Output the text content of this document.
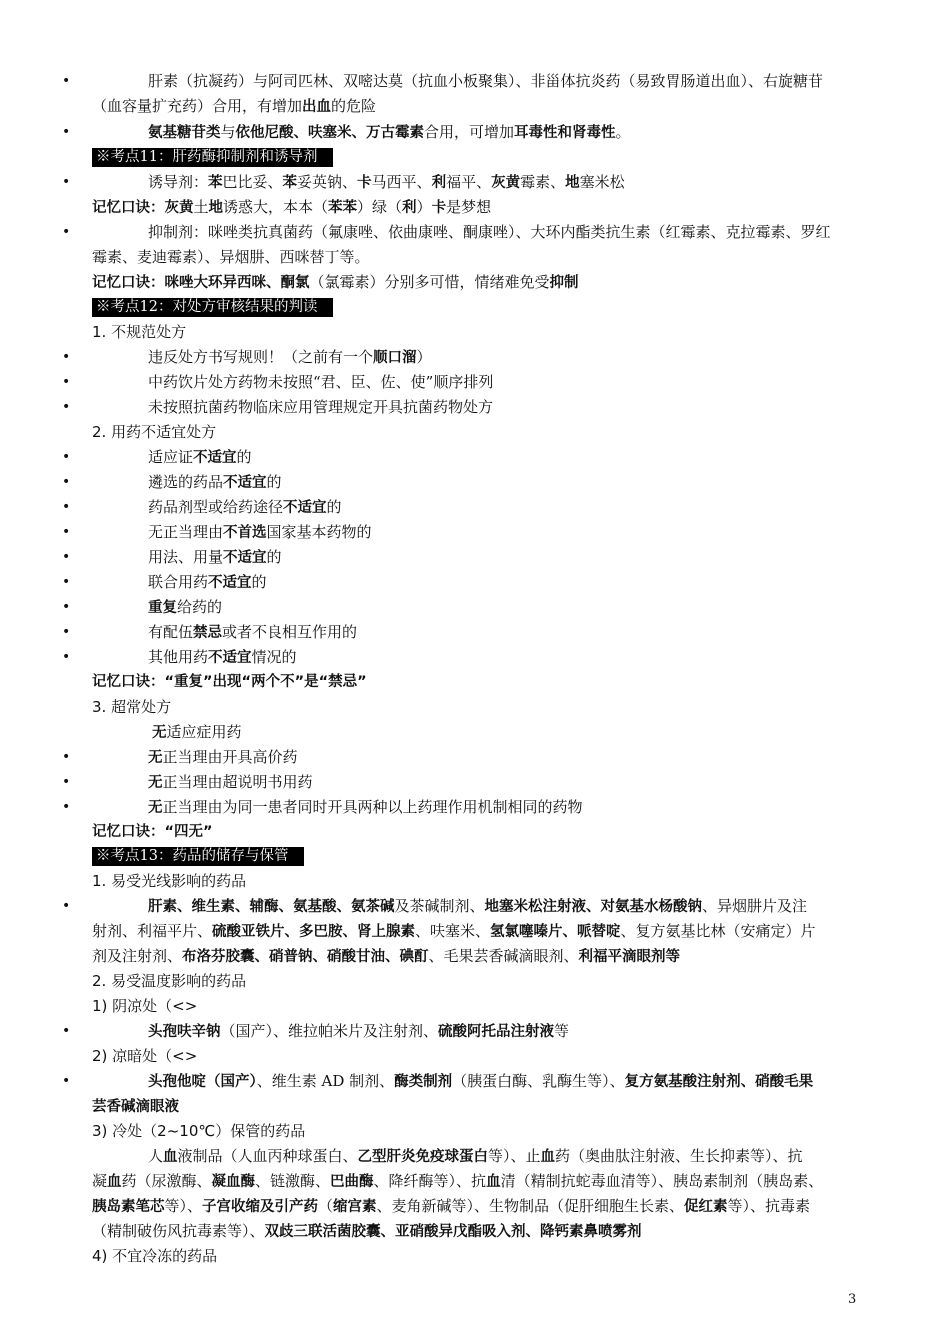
•	肝素（抗凝药）与阿司匹林、双嘧达莫（抗血小板聚集）、非甾体抗炎药（易致胃肠道出血）、右旋糖苷
（血容量扩充药）合用，有增加出血的危险
•	氨基糖苷类与依他尼酸、呋塞米、万古霉素合用，可增加耳毒性和肾毒性。
※考点11：肝药酶抑制剂和诱导剂
•	诱导剂：苯巴比妥、苯妥英钠、卡马西平、利福平、灰黄霉素、地塞米松
记忆口诀：灰黄土地诱惑大，本本（苯苯）绿（利）卡是梦想
•	抑制剂：咪唑类抗真菌药（氟康唑、依曲康唑、酮康唑）、大环内酯类抗生素（红霉素、克拉霉素、罗红
霉素、麦迪霉素）、异烟肼、西咪替丁等。
记忆口诀：咪唑大环异西咪、酮氯（氯霉素）分别多可惜，情绪难免受抑制
※考点12：对处方审核结果的判读
1. 不规范处方
•	违反处方书写规则！（之前有一个顺口溜）
•	中药饮片处方药物未按照“君、臣、佐、使”顺序排列
•	未按照抗菌药物临床应用管理规定开具抗菌药物处方
2. 用药不适宜处方
•	适应证不适宜的
•	遴选的药品不适宜的
•	药品剂型或给药途径不适宜的
•	无正当理由不首选国家基本药物的
•	用法、用量不适宜的
•	联合用药不适宜的
•	重复给药的
•	有配伍禁忌或者不良相互作用的
•	其他用药不适宜情况的
记忆口诀：“重复”出现“两个不”是“禁忌”
3. 超常处方
无适应症用药
•	无正当理由开具高价药
•	无正当理由超说明书用药
•	无正当理由为同一患者同时开具两种以上药理作用机制相同的药物
记忆口诀：“四无”
※考点13：药品的储存与保管
1. 易受光线影响的药品
•	肝素、维生素、辅酶、氨基酸、氨茶碱及茶碱制剂、地塞米松注射液、对氨基水杨酸钠、异烟肼片及注
射剂、利福平片、硫酸亚铁片、多巴胺、肾上腺素、呋塞米、氢氯噻嗪片、哌替啶、复方氨基比林（安痛定）片
剂及注射剂、布洛芬胶囊、硝普钠、硝酸甘油、碘酊、毛果芸香碱滴眼剂、利福平滴眼剂等
2. 易受温度影响的药品
1) 阴凉处（<>
•	头孢呋辛钠（国产）、维拉帕米片及注射剂、硫酸阿托品注射液等
2) 凉暗处（<>
•	头孢他啶（国产）、维生素 AD 制剂、酶类制剂（胰蛋白酶、乳酶生等）、复方氨基酸注射剂、硝酸毛果
芸香碱滴眼液
3) 冷处（2~10℃）保管的药品
人血液制品（人血丙种球蛋白、乙型肝炎免疫球蛋白等）、止血药（奥曲肽注射液、生长抑素等）、抗
凝血药（尿激酶、凝血酶、链激酶、巴曲酶、降纤酶等）、抗血清（精制抗蛇毒血清等）、胰岛素制剂（胰岛素、
胰岛素笔芯等）、子宫收缩及引产药（缩宫素、麦角新碱等）、生物制品（促肝细胞生长素、促红素等）、抗毒素
（精制破伤风抗毒素等）、双歧三联活菌胶囊、亚硝酸异戊酯吸入剂、降钙素鼻喷雾剂
4) 不宜冷冻的药品
3
